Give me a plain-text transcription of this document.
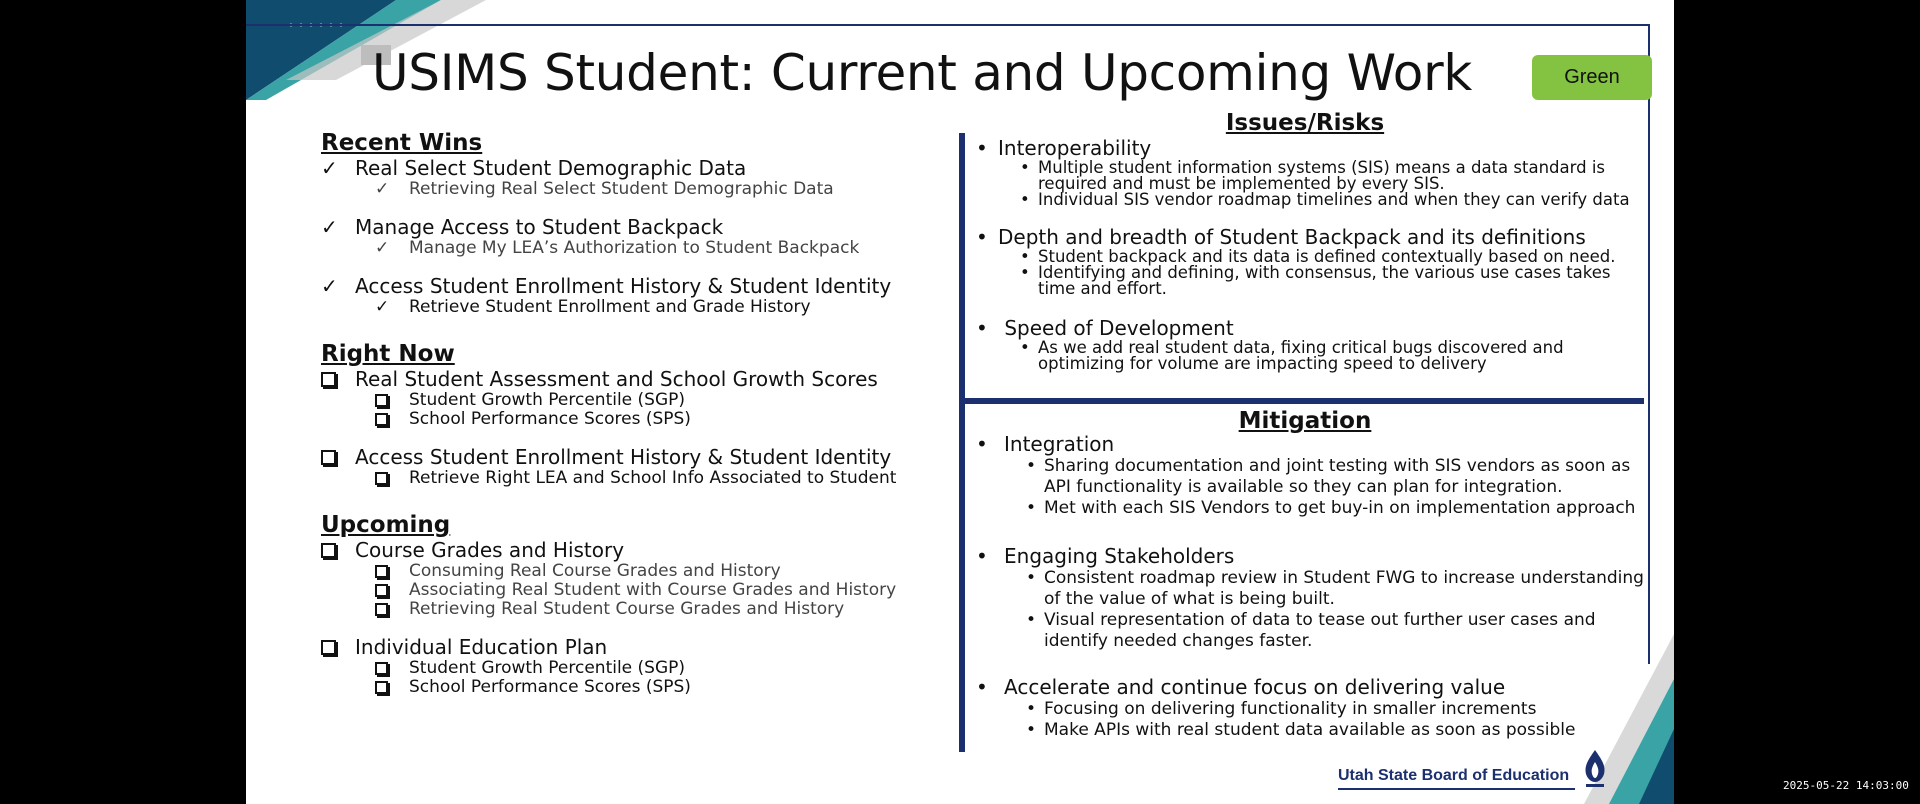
USIMS Student: Current and Upcoming Work	Green
Recent Wins
✓ Real Select Student Demographic Data
✓ Retrieving Real Select Student Demographic Data
✓ Manage Access to Student Backpack
✓ Manage My LEA’s Authorization to Student Backpack
✓ Access Student Enrollment History & Student Identity
✓ Retrieve Student Enrollment and Grade History
Right Now
Real Student Assessment and School Growth Scores
Student Growth Percentile (SGP)
School Performance Scores (SPS)
Access Student Enrollment History & Student Identity
Retrieve Right LEA and School Info Associated to Student
Upcoming
Course Grades and History
Consuming Real Course Grades and History
Associating Real Student with Course Grades and History
Retrieving Real Student Course Grades and History
Individual Education Plan
Student Growth Percentile (SGP)
School Performance Scores (SPS)
Issues/Risks
• Interoperability
• Multiple student information systems (SIS) means a data standard is required and must be implemented by every SIS.
• Individual SIS vendor roadmap timelines and when they can verify data
• Depth and breadth of Student Backpack and its definitions
• Student backpack and its data is defined contextually based on need.
• Identifying and defining, with consensus, the various use cases takes time and effort.
• Speed of Development
• As we add real student data, fixing critical bugs discovered and optimizing for volume are impacting speed to delivery
Mitigation
• Integration
• Sharing documentation and joint testing with SIS vendors as soon as API functionality is available so they can plan for integration.
• Met with each SIS Vendors to get buy-in on implementation approach
• Engaging Stakeholders
• Consistent roadmap review in Student FWG to increase understanding of the value of what is being built.
• Visual representation of data to tease out further user cases and identify needed changes faster.
• Accelerate and continue focus on delivering value
• Focusing on delivering functionality in smaller increments
• Make APIs with real student data available as soon as possible
Utah State Board of Education
2025-05-22 14:03:00
